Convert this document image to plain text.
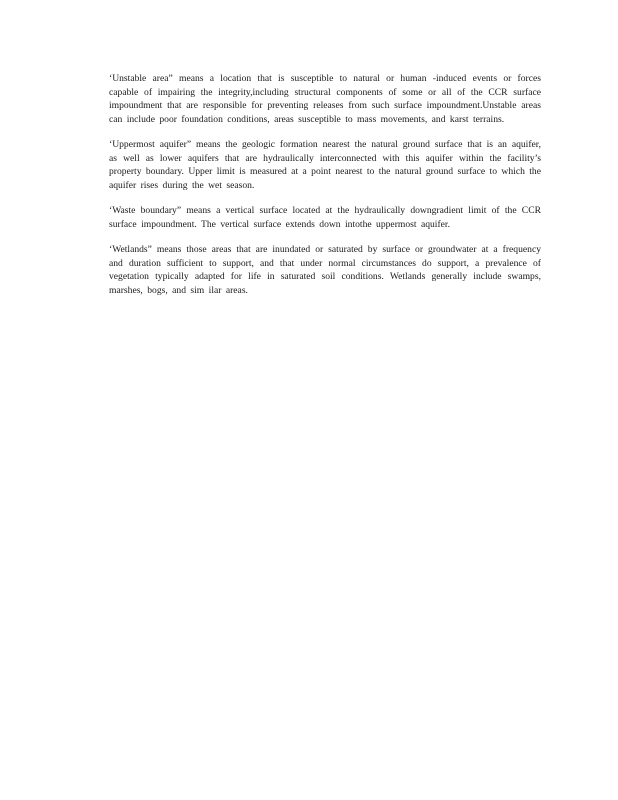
‘Unstable area” means a location that is susceptible to natural or human -induced events or forces capable of impairing the integrity,including structural components of some or all of the CCR surface impoundment that are responsible for preventing releases from such surface impoundment.Unstable areas can include poor foundation conditions, areas susceptible to mass movements, and karst terrains.

‘Uppermost aquifer” means the geologic formation nearest the natural ground surface that is an aquifer, as well as lower aquifers that are hydraulically interconnected with this aquifer within the facility’s property boundary. Upper limit is measured at a point nearest to the natural ground surface to which the aquifer rises during the wet season.

‘Waste boundary” means a vertical surface located at the hydraulically downgradient limit of the CCR surface impoundment. The vertical surface extends down intothe uppermost aquifer.

‘Wetlands” means those areas that are inundated or saturated by surface or groundwater at a frequency and duration sufficient to support, and that under normal circumstances do support, a prevalence of vegetation typically adapted for life in saturated soil conditions. Wetlands generally include swamps, marshes, bogs, and sim ilar areas.
